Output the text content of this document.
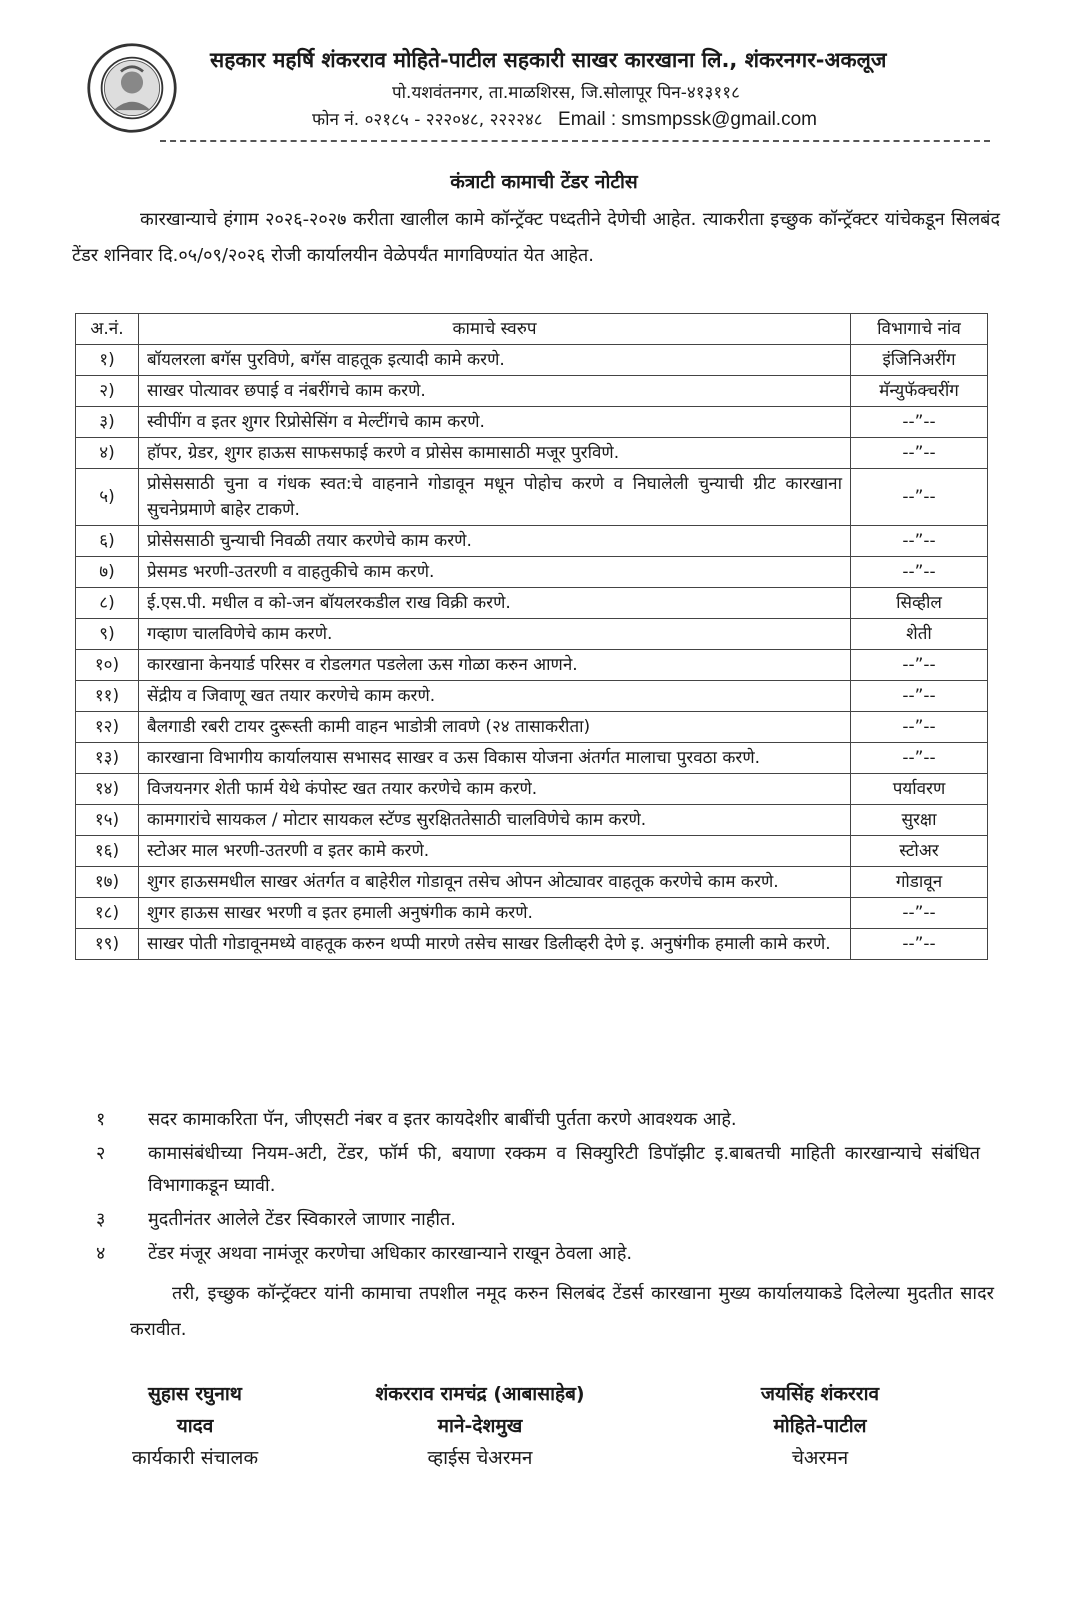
सहकार महर्षि शंकरराव मोहिते-पाटील सहकारी साखर कारखाना लि., शंकरनगर-अकलूज
पो.यशवंतनगर, ता.माळशिरस, जि.सोलापूर पिन-४१३११८
फोन नं. ०२१८५ - २२२०४८, २२२२४८ Email : smsmpssk@gmail.com
कंत्राटी कामाची टेंडर नोटीस
कारखान्याचे हंगाम २०२६-२०२७ करीता खालील कामे कॉन्ट्रॅक्ट पध्दतीने देणेची आहेत. त्याकरीता इच्छुक कॉन्ट्रॅक्टर यांचेकडून सिलबंद टेंडर शनिवार दि.०५/०९/२०२६ रोजी कार्यालयीन वेळेपर्यंत मागविण्यांत येत आहेत.
अ.नं.	कामाचे स्वरुप	विभागाचे नांव
१)	बॉयलरला बगॅस पुरविणे, बगॅस वाहतूक इत्यादी कामे करणे.	इंजिनिअरींग
२)	साखर पोत्यावर छपाई व नंबरींगचे काम करणे.	मॅन्युफॅक्चरींग
३)	स्वीपींग व इतर शुगर रिप्रोसेसिंग व मेल्टींगचे काम करणे.	--”--
४)	हॉपर, ग्रेडर, शुगर हाऊस साफसफाई करणे व प्रोसेस कामासाठी मजूर पुरविणे.	--”--
५)	प्रोसेससाठी चुना व गंधक स्वत:चे वाहनाने गोडावून मधून पोहोच करणे व निघालेली चुन्याची ग्रीट कारखाना सुचनेप्रमाणे बाहेर टाकणे.	--”--
६)	प्रोसेससाठी चुन्याची निवळी तयार करणेचे काम करणे.	--”--
७)	प्रेसमड भरणी-उतरणी व वाहतुकीचे काम करणे.	--”--
८)	ई.एस.पी. मधील व को-जन बॉयलरकडील राख विक्री करणे.	सिव्हील
९)	गव्हाण चालविणेचे काम करणे.	शेती
१०)	कारखाना केनयार्ड परिसर व रोडलगत पडलेला ऊस गोळा करुन आणने.	--”--
११)	सेंद्रीय व जिवाणू खत तयार करणेचे काम करणे.	--”--
१२)	बैलगाडी रबरी टायर दुरूस्ती कामी वाहन भाडोत्री लावणे (२४ तासाकरीता)	--”--
१३)	कारखाना विभागीय कार्यालयास सभासद साखर व ऊस विकास योजना अंतर्गत मालाचा पुरवठा करणे.	--”--
१४)	विजयनगर शेती फार्म येथे कंपोस्ट खत तयार करणेचे काम करणे.	पर्यावरण
१५)	कामगारांचे सायकल / मोटार सायकल स्टॅण्ड सुरक्षिततेसाठी चालविणेचे काम करणे.	सुरक्षा
१६)	स्टोअर माल भरणी-उतरणी व इतर कामे करणे.	स्टोअर
१७)	शुगर हाऊसमधील साखर अंतर्गत व बाहेरील गोडावून तसेच ओपन ओट्यावर वाहतूक करणेचे काम करणे.	गोडावून
१८)	शुगर हाऊस साखर भरणी व इतर हमाली अनुषंगीक कामे करणे.	--”--
१९)	साखर पोती गोडावूनमध्ये वाहतूक करुन थप्पी मारणे तसेच साखर डिलीव्हरी देणे इ. अनुषंगीक हमाली कामे करणे.	--”--
१	सदर कामाकरिता पॅन, जीएसटी नंबर व इतर कायदेशीर बाबींची पुर्तता करणे आवश्यक आहे.
२	कामासंबंधीच्या नियम-अटी, टेंडर, फॉर्म फी, बयाणा रक्कम व सिक्युरिटी डिपॉझीट इ.बाबतची माहिती कारखान्याचे संबंधित विभागाकडून घ्यावी.
३	मुदतीनंतर आलेले टेंडर स्विकारले जाणार नाहीत.
४	टेंडर मंजूर अथवा नामंजूर करणेचा अधिकार कारखान्याने राखून ठेवला आहे.
तरी, इच्छुक कॉन्ट्रॅक्टर यांनी कामाचा तपशील नमूद करुन सिलबंद टेंडर्स कारखाना मुख्य कार्यालयाकडे दिलेल्या मुदतीत सादर करावीत.
सुहास रघुनाथ
यादव
कार्यकारी संचालक
शंकरराव रामचंद्र (आबासाहेब)
माने-देशमुख
व्हाईस चेअरमन
जयसिंह शंकरराव
मोहिते-पाटील
चेअरमन
